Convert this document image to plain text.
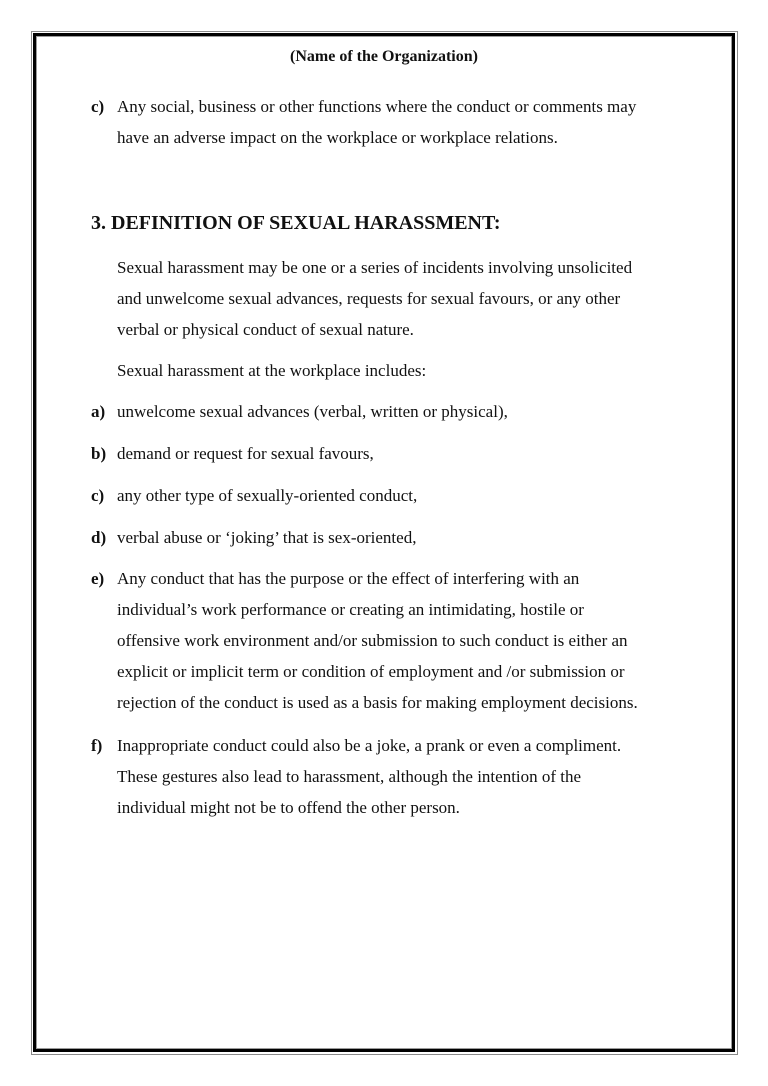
(Name of the Organization)
c) Any social, business or other functions where the conduct or comments may
have an adverse impact on the workplace or workplace relations.
3. DEFINITION OF SEXUAL HARASSMENT:
Sexual harassment may be one or a series of incidents involving unsolicited
and unwelcome sexual advances, requests for sexual favours, or any other
verbal or physical conduct of sexual nature.
Sexual harassment at the workplace includes:
a) unwelcome sexual advances (verbal, written or physical),
b) demand or request for sexual favours,
c) any other type of sexually-oriented conduct,
d) verbal abuse or ‘joking’ that is sex-oriented,
e) Any conduct that has the purpose or the effect of interfering with an
individual’s work performance or creating an intimidating, hostile or
offensive work environment and/or submission to such conduct is either an
explicit or implicit term or condition of employment and /or submission or
rejection of the conduct is used as a basis for making employment decisions.
f) Inappropriate conduct could also be a joke, a prank or even a compliment.
These gestures also lead to harassment, although the intention of the
individual might not be to offend the other person.
